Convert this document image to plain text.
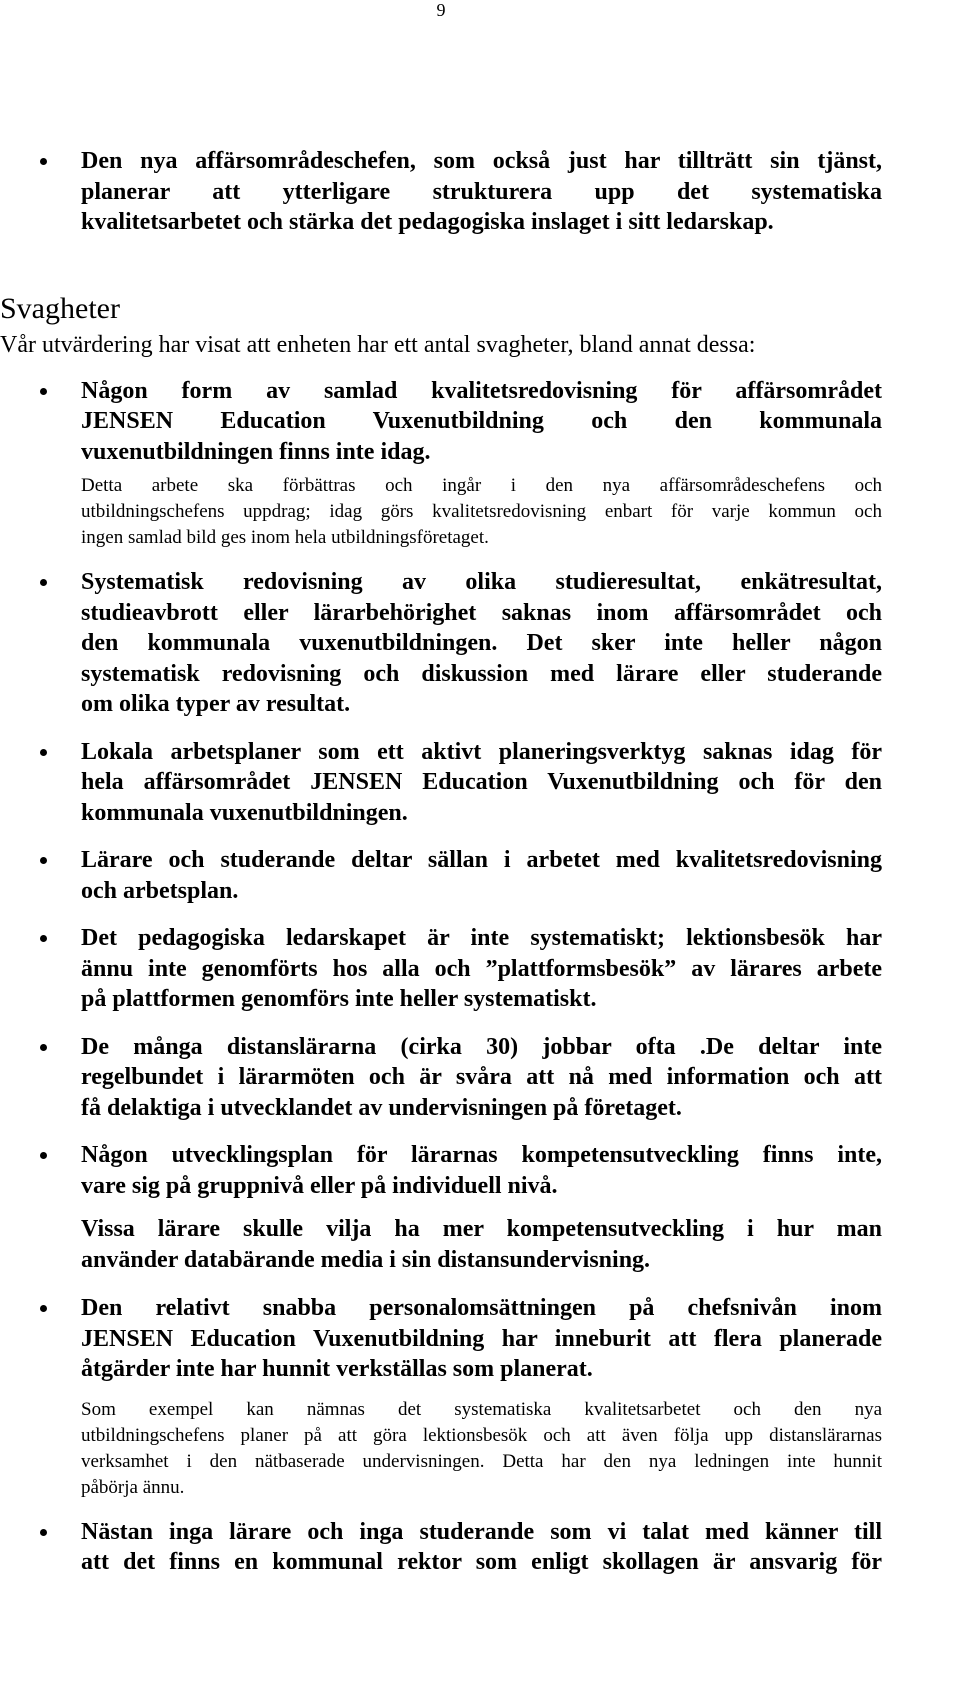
9
Den nya affärsområdeschefen, som också just har tillträtt sin tjänst,
planerar att ytterligare strukturera upp det systematiska
kvalitetsarbetet och stärka det pedagogiska inslaget i sitt ledarskap.
Svagheter
Vår utvärdering har visat att enheten har ett antal svagheter, bland annat dessa:
Någon form av samlad kvalitetsredovisning för affärsområdet
JENSEN Education Vuxenutbildning och den kommunala
vuxenutbildningen finns inte idag.
Detta arbete ska förbättras och ingår i den nya affärsområdeschefens och
utbildningschefens uppdrag; idag görs kvalitetsredovisning enbart för varje kommun och
ingen samlad bild ges inom hela utbildningsföretaget.
Systematisk redovisning av olika studieresultat, enkätresultat,
studieavbrott eller lärarbehörighet saknas inom affärsområdet och
den kommunala vuxenutbildningen. Det sker inte heller någon
systematisk redovisning och diskussion med lärare eller studerande
om olika typer av resultat.
Lokala arbetsplaner som ett aktivt planeringsverktyg saknas idag för
hela affärsområdet JENSEN Education Vuxenutbildning och för den
kommunala vuxenutbildningen.
Lärare och studerande deltar sällan i arbetet med kvalitetsredovisning
och arbetsplan.
Det pedagogiska ledarskapet är inte systematiskt; lektionsbesök har
ännu inte genomförts hos alla och ”plattformsbesök” av lärares arbete
på plattformen genomförs inte heller systematiskt.
De många distanslärarna (cirka 30) jobbar ofta .De deltar inte
regelbundet i lärarmöten och är svåra att nå med information och att
få delaktiga i utvecklandet av undervisningen på företaget.
Någon utvecklingsplan för lärarnas kompetensutveckling finns inte,
vare sig på gruppnivå eller på individuell nivå.
Vissa lärare skulle vilja ha mer kompetensutveckling i hur man
använder databärande media i sin distansundervisning.
Den relativt snabba personalomsättningen på chefsnivån inom
JENSEN Education Vuxenutbildning har inneburit att flera planerade
åtgärder inte har hunnit verkställas som planerat.
Som exempel kan nämnas det systematiska kvalitetsarbetet och den nya
utbildningschefens planer på att göra lektionsbesök och att även följa upp distanslärarnas
verksamhet i den nätbaserade undervisningen. Detta har den nya ledningen inte hunnit
påbörja ännu.
Nästan inga lärare och inga studerande som vi talat med känner till
att det finns en kommunal rektor som enligt skollagen är ansvarig för
